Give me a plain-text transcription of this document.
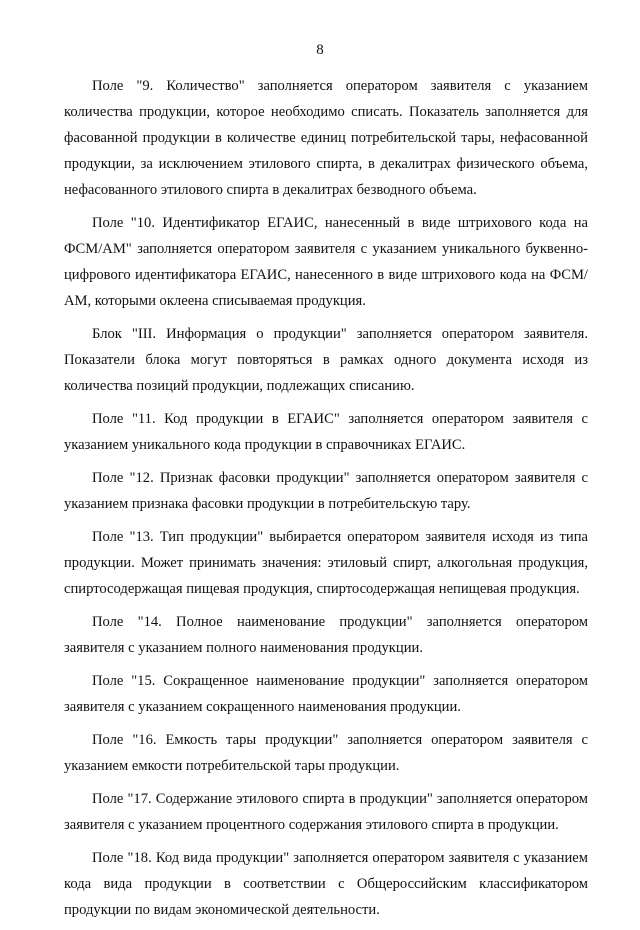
8

Поле "9. Количество" заполняется оператором заявителя с указанием количества продукции, которое необходимо списать. Показатель заполняется для фасованной продукции в количестве единиц потребительской тары, нефасованной продукции, за исключением этилового спирта, в декалитрах физического объема, нефасованного этилового спирта в декалитрах безводного объема.

Поле "10. Идентификатор ЕГАИС, нанесенный в виде штрихового кода на ФСМ/АМ" заполняется оператором заявителя с указанием уникального буквенно-цифрового идентификатора ЕГАИС, нанесенного в виде штрихового кода на ФСМ/АМ, которыми оклеена списываемая продукция.

Блок "III. Информация о продукции" заполняется оператором заявителя. Показатели блока могут повторяться в рамках одного документа исходя из количества позиций продукции, подлежащих списанию.

Поле "11. Код продукции в ЕГАИС" заполняется оператором заявителя с указанием уникального кода продукции в справочниках ЕГАИС.

Поле "12. Признак фасовки продукции" заполняется оператором заявителя с указанием признака фасовки продукции в потребительскую тару.

Поле "13. Тип продукции" выбирается оператором заявителя исходя из типа продукции. Может принимать значения: этиловый спирт, алкогольная продукция, спиртосодержащая пищевая продукция, спиртосодержащая непищевая продукция.

Поле "14. Полное наименование продукции" заполняется оператором заявителя с указанием полного наименования продукции.

Поле "15. Сокращенное наименование продукции" заполняется оператором заявителя с указанием сокращенного наименования продукции.

Поле "16. Емкость тары продукции" заполняется оператором заявителя с указанием емкости потребительской тары продукции.

Поле "17. Содержание этилового спирта в продукции" заполняется оператором заявителя с указанием процентного содержания этилового спирта в продукции.

Поле "18. Код вида продукции" заполняется оператором заявителя с указанием кода вида продукции в соответствии с Общероссийским классификатором продукции по видам экономической деятельности.
